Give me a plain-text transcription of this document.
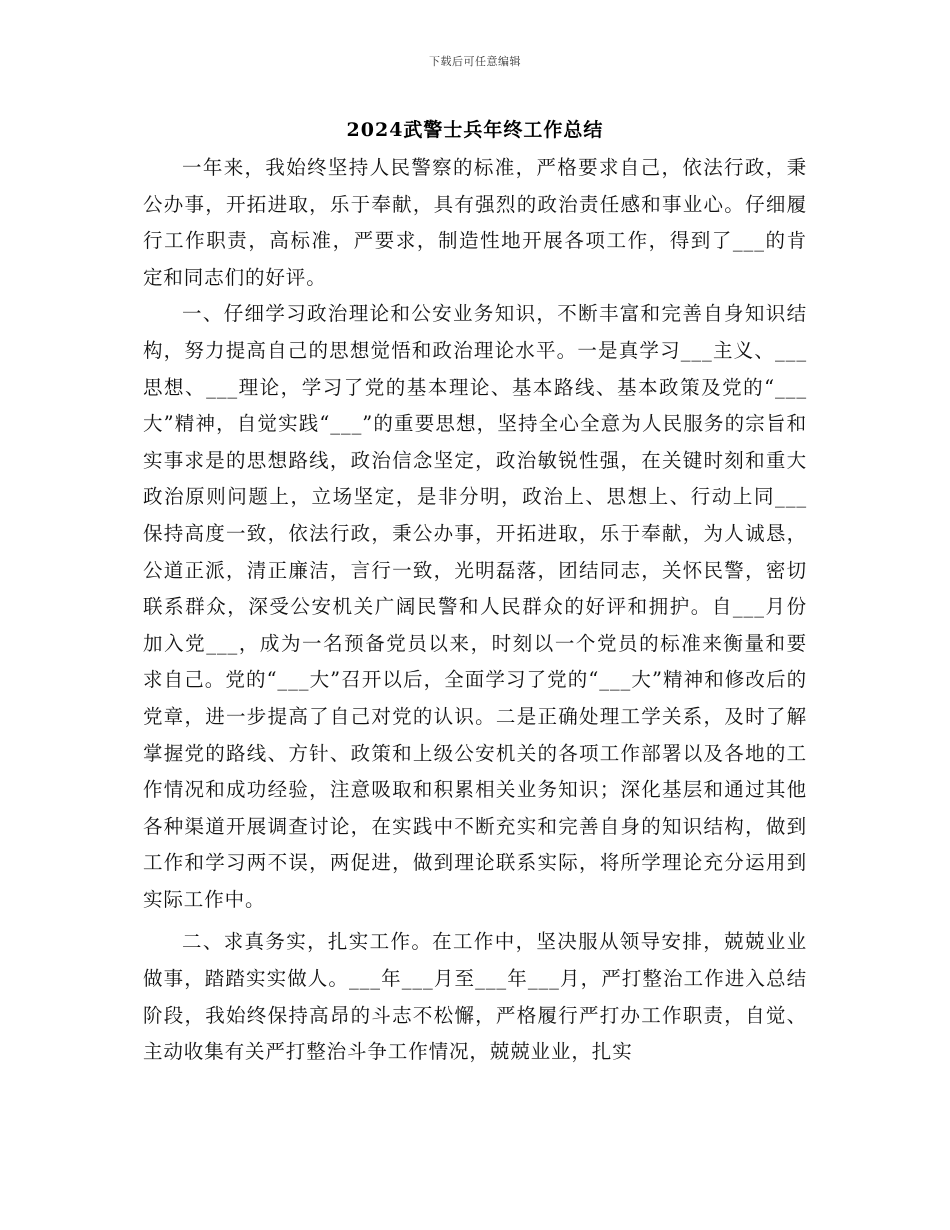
下载后可任意编辑
2024武警士兵年终工作总结

一年来，我始终坚持人民警察的标准，严格要求自己，依法行政，秉公办事，开拓进取，乐于奉献，具有强烈的政治责任感和事业心。仔细履行工作职责，高标准，严要求，制造性地开展各项工作，得到了___的肯定和同志们的好评。

一、仔细学习政治理论和公安业务知识，不断丰富和完善自身知识结构，努力提高自己的思想觉悟和政治理论水平。一是真学习___主义、___思想、___理论，学习了党的基本理论、基本路线、基本政策及党的“___大”精神，自觉实践“___”的重要思想，坚持全心全意为人民服务的宗旨和实事求是的思想路线，政治信念坚定，政治敏锐性强，在关键时刻和重大政治原则问题上，立场坚定，是非分明，政治上、思想上、行动上同___保持高度一致，依法行政，秉公办事，开拓进取，乐于奉献，为人诚恳，公道正派，清正廉洁，言行一致，光明磊落，团结同志，关怀民警，密切联系群众，深受公安机关广阔民警和人民群众的好评和拥护。自___月份加入党___，成为一名预备党员以来，时刻以一个党员的标准来衡量和要求自己。党的“___大”召开以后，全面学习了党的“___大”精神和修改后的党章，进一步提高了自己对党的认识。二是正确处理工学关系，及时了解掌握党的路线、方针、政策和上级公安机关的各项工作部署以及各地的工作情况和成功经验，注意吸取和积累相关业务知识；深化基层和通过其他各种渠道开展调查讨论，在实践中不断充实和完善自身的知识结构，做到工作和学习两不误，两促进，做到理论联系实际，将所学理论充分运用到实际工作中。

二、求真务实，扎实工作。在工作中，坚决服从领导安排，兢兢业业做事，踏踏实实做人。___年___月至___年___月，严打整治工作进入总结阶段，我始终保持高昂的斗志不松懈，严格履行严打办工作职责，自觉、主动收集有关严打整治斗争工作情况，兢兢业业，扎实
